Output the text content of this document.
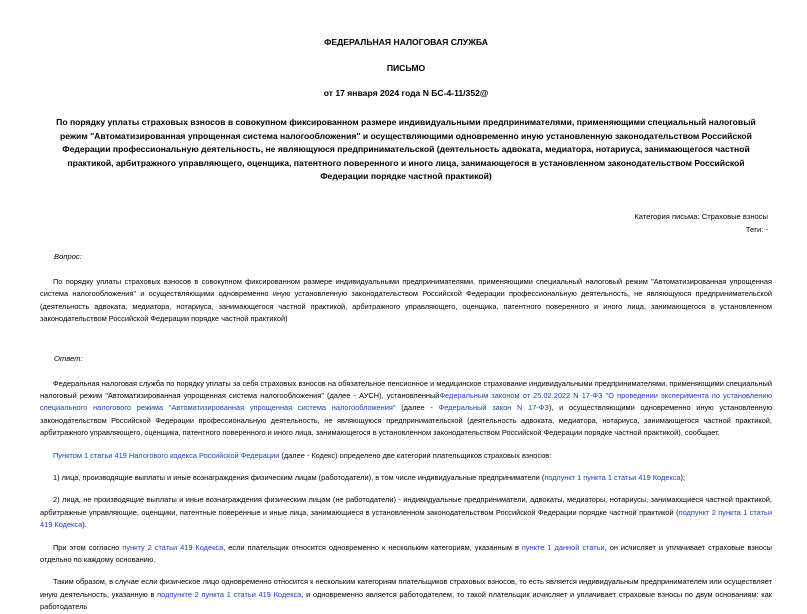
ФЕДЕРАЛЬНАЯ НАЛОГОВАЯ СЛУЖБА
ПИСЬМО
от 17 января 2024 года N БС-4-11/352@
По порядку уплаты страховых взносов в совокупном фиксированном размере индивидуальными предпринимателями, применяющими специальный налоговый режим "Автоматизированная упрощенная система налогообложения" и осуществляющими одновременно иную установленную законодательством Российской Федерации профессиональную деятельность, не являющуюся предпринимательской (деятельность адвоката, медиатора, нотариуса, занимающегося частной практикой, арбитражного управляющего, оценщика, патентного поверенного и иного лица, занимающегося в установленном законодательством Российской Федерации порядке частной практикой)
Категория письма: Страховые взносы
Теги: -
Вопрос:

По порядку уплаты страховых взносов в совокупном фиксированном размере индивидуальными предпринимателями, применяющими специальный налоговый режим "Автоматизированная упрощенная система налогообложения" и осуществляющими одновременно иную установленную законодательством Российской Федерации профессиональную деятельность, не являющуюся предпринимательской (деятельность адвоката, медиатора, нотариуса, занимающегося частной практикой, арбитражного управляющего, оценщика, патентного поверенного и иного лица, занимающегося в установленном законодательством Российской Федерации порядке частной практикой)

Ответ:

Федеральная налоговая служба по порядку уплаты за себя страховых взносов на обязательное пенсионное и медицинское страхование индивидуальными предпринимателями, применяющими специальный налоговый режим "Автоматизированная упрощенная система налогообложения" (далее - АУСН), установленныйФедеральным законом от 25.02.2022 N 17-ФЗ "О проведении эксперимента по установлению специального налогового режима "Автоматизированная упрощенная система налогообложения" (далее - Федеральный закон N 17-ФЗ), и осуществляющими одновременно иную установленную законодательством Российской Федерации профессиональную деятельность, не являющуюся предпринимательской (деятельность адвоката, медиатора, нотариуса, занимающегося частной практикой, арбитражного управляющего, оценщика, патентного поверенного и иного лица, занимающегося в установленном законодательством Российской Федерации порядке частной практикой), сообщает.

Пунктом 1 статьи 419 Налогового кодекса Российской Федерации (далее - Кодекс) определено две категории плательщиков страховых взносов:

1) лица, производящие выплаты и иные вознаграждения физическим лицам (работодатели), в том числе индивидуальные предприниматели (подпункт 1 пункта 1 статьи 419 Кодекса);

2) лица, не производящие выплаты и иные вознаграждения физическим лицам (не работодатели) - индивидуальные предприниматели, адвокаты, медиаторы, нотариусы, занимающиеся частной практикой, арбитражные управляющие, оценщики, патентные поверенные и иные лица, занимающиеся в установленном законодательством Российской Федерации порядке частной практикой (подпункт 2 пункта 1 статьи 419 Кодекса).

При этом согласно пункту 2 статьи 419 Кодекса, если плательщик относится одновременно к нескольким категориям, указанным в пункте 1 данной статьи, он исчисляет и уплачивает страховые взносы отдельно по каждому основанию.

Таким образом, в случае если физическое лицо одновременно относится к нескольким категориям плательщиков страховых взносов, то есть является индивидуальным предпринимателем или осуществляет иную деятельность, указанную в подпункте 2 пункта 1 статьи 419 Кодекса, и одновременно является работодателем, то такой плательщик исчисляет и уплачивает страховые взносы по двум основаниям: как работодатель
